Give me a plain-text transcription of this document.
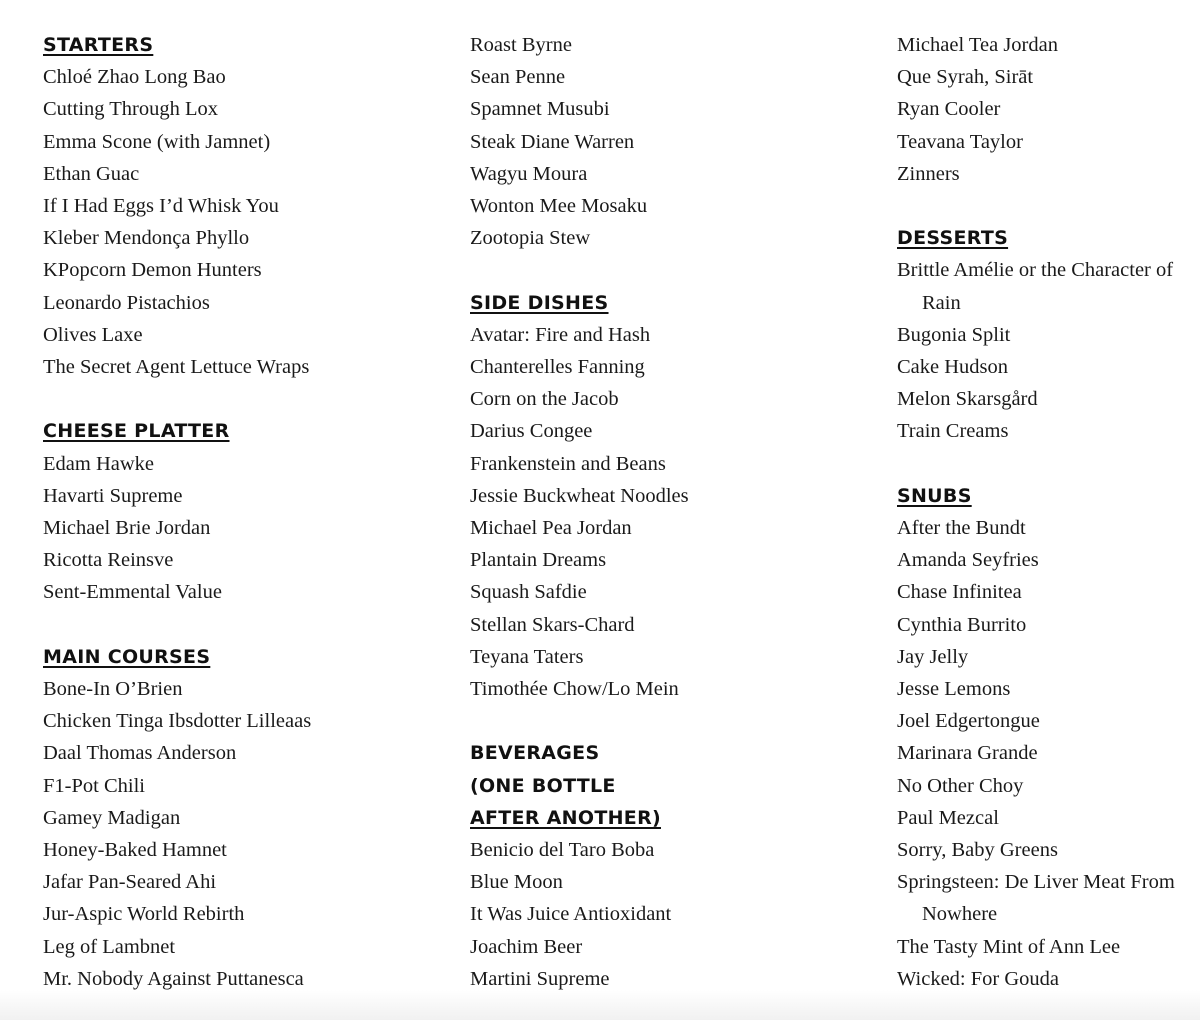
STARTERS
Chloé Zhao Long Bao
Cutting Through Lox
Emma Scone (with Jamnet)
Ethan Guac
If I Had Eggs I’d Whisk You
Kleber Mendonça Phyllo
KPopcorn Demon Hunters
Leonardo Pistachios
Olives Laxe
The Secret Agent Lettuce Wraps
CHEESE PLATTER
Edam Hawke
Havarti Supreme
Michael Brie Jordan
Ricotta Reinsve
Sent-Emmental Value
MAIN COURSES
Bone-In O’Brien
Chicken Tinga Ibsdotter Lilleaas
Daal Thomas Anderson
F1-Pot Chili
Gamey Madigan
Honey-Baked Hamnet
Jafar Pan-Seared Ahi
Jur-Aspic World Rebirth
Leg of Lambnet
Mr. Nobody Against Puttanesca
Roast Byrne
Sean Penne
Spamnet Musubi
Steak Diane Warren
Wagyu Moura
Wonton Mee Mosaku
Zootopia Stew
SIDE DISHES
Avatar: Fire and Hash
Chanterelles Fanning
Corn on the Jacob
Darius Congee
Frankenstein and Beans
Jessie Buckwheat Noodles
Michael Pea Jordan
Plantain Dreams
Squash Safdie
Stellan Skars-Chard
Teyana Taters
Timothée Chow/Lo Mein
BEVERAGES
(ONE BOTTLE
AFTER ANOTHER)
Benicio del Taro Boba
Blue Moon
It Was Juice Antioxidant
Joachim Beer
Martini Supreme
Michael Tea Jordan
Que Syrah, Sirāt
Ryan Cooler
Teavana Taylor
Zinners
DESSERTS
Brittle Amélie or the Character of Rain
Bugonia Split
Cake Hudson
Melon Skarsgård
Train Creams
SNUBS
After the Bundt
Amanda Seyfries
Chase Infinitea
Cynthia Burrito
Jay Jelly
Jesse Lemons
Joel Edgertongue
Marinara Grande
No Other Choy
Paul Mezcal
Sorry, Baby Greens
Springsteen: De Liver Meat From Nowhere
The Tasty Mint of Ann Lee
Wicked: For Gouda
